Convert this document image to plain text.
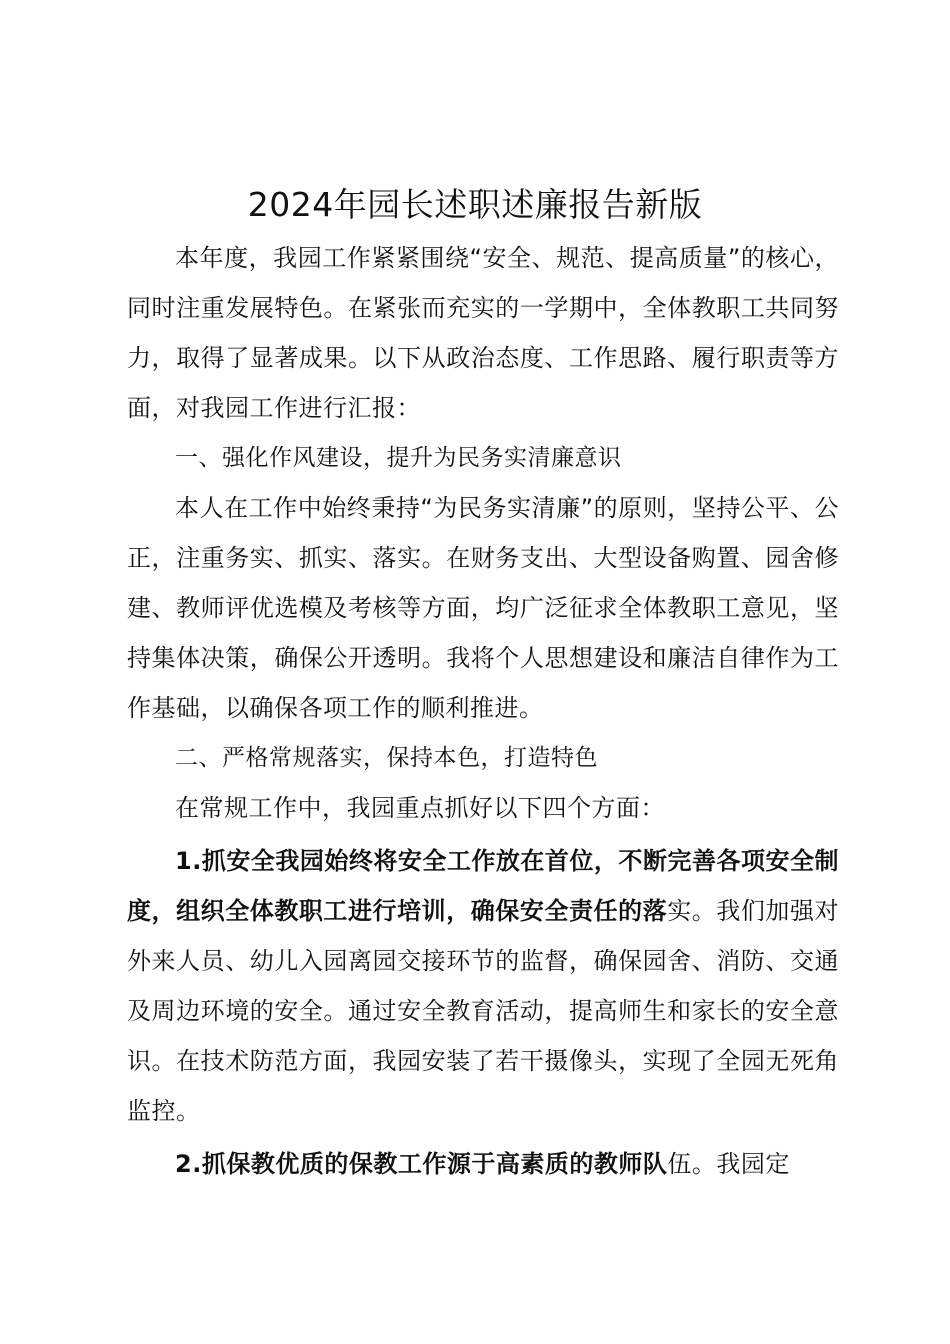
2024年园长述职述廉报告新版

本年度，我园工作紧紧围绕“安全、规范、提高质量”的核心，同时注重发展特色。在紧张而充实的一学期中，全体教职工共同努力，取得了显著成果。以下从政治态度、工作思路、履行职责等方面，对我园工作进行汇报：

一、强化作风建设，提升为民务实清廉意识

本人在工作中始终秉持“为民务实清廉”的原则，坚持公平、公正，注重务实、抓实、落实。在财务支出、大型设备购置、园舍修建、教师评优选模及考核等方面，均广泛征求全体教职工意见，坚持集体决策，确保公开透明。我将个人思想建设和廉洁自律作为工作基础，以确保各项工作的顺利推进。

二、严格常规落实，保持本色，打造特色

在常规工作中，我园重点抓好以下四个方面：

1.抓安全我园始终将安全工作放在首位，不断完善各项安全制度，组织全体教职工进行培训，确保安全责任的落实。我们加强对外来人员、幼儿入园离园交接环节的监督，确保园舍、消防、交通及周边环境的安全。通过安全教育活动，提高师生和家长的安全意识。在技术防范方面，我园安装了若干摄像头，实现了全园无死角监控。

2.抓保教优质的保教工作源于高素质的教师队伍。我园定
